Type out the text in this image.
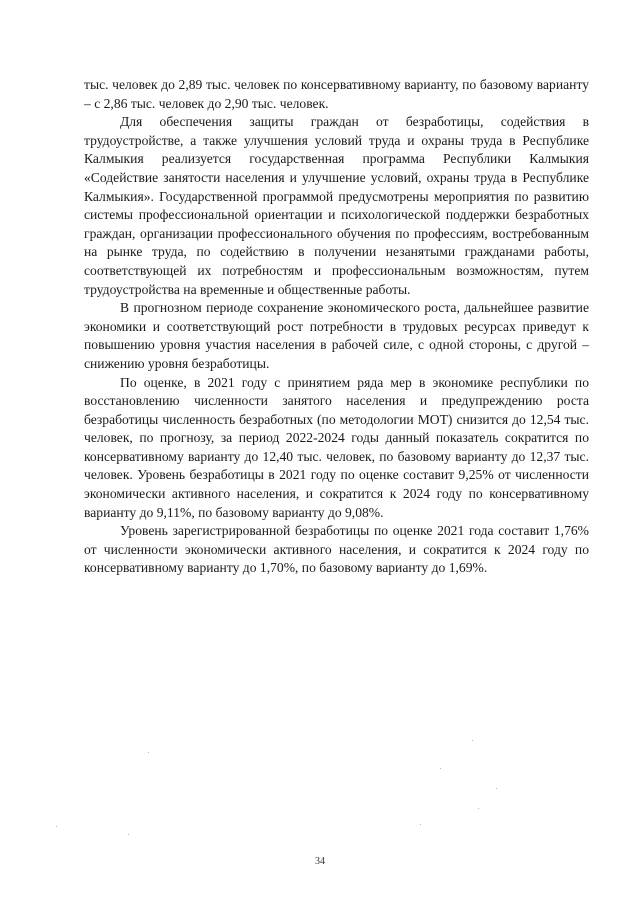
тыс. человек до 2,89 тыс. человек по консервативному варианту, по базовому варианту – с 2,86 тыс. человек до 2,90 тыс. человек.

Для обеспечения защиты граждан от безработицы, содействия в трудоустройстве, а также улучшения условий труда и охраны труда в Республике Калмыкия реализуется государственная программа Республики Калмыкия «Содействие занятости населения и улучшение условий, охраны труда в Республике Калмыкия». Государственной программой предусмотрены мероприятия по развитию системы профессиональной ориентации и психологической поддержки безработных граждан, организации профессионального обучения по профессиям, востребованным на рынке труда, по содействию в получении незанятыми гражданами работы, соответствующей их потребностям и профессиональным возможностям, путем трудоустройства на временные и общественные работы.

В прогнозном периоде сохранение экономического роста, дальнейшее развитие экономики и соответствующий рост потребности в трудовых ресурсах приведут к повышению уровня участия населения в рабочей силе, с одной стороны, с другой – снижению уровня безработицы.

По оценке, в 2021 году с принятием ряда мер в экономике республики по восстановлению численности занятого населения и предупреждению роста безработицы численность безработных (по методологии МОТ) снизится до 12,54 тыс. человек, по прогнозу, за период 2022-2024 годы данный показатель сократится по консервативному варианту до 12,40 тыс. человек, по базовому варианту до 12,37 тыс. человек. Уровень безработицы в 2021 году по оценке составит 9,25% от численности экономически активного населения, и сократится к 2024 году по консервативному варианту до 9,11%, по базовому варианту до 9,08%.

Уровень зарегистрированной безработицы по оценке 2021 года составит 1,76% от численности экономически активного населения, и сократится к 2024 году по консервативному варианту до 1,70%, по базовому варианту до 1,69%.

34
